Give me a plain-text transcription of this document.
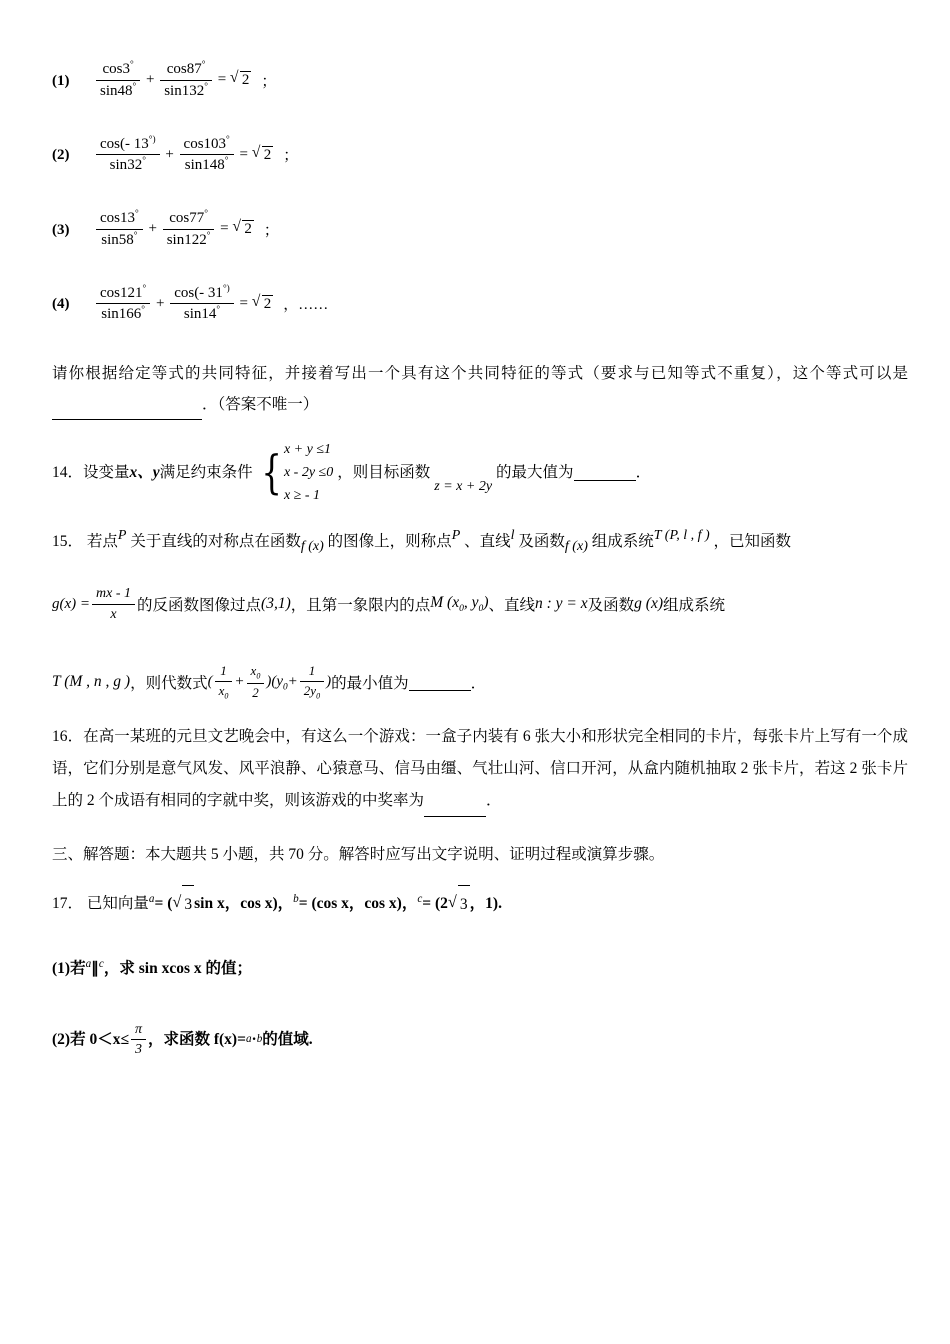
(1)	$\frac{\cos 3^\circ}{\sin 48^\circ} + \frac{\cos 87^\circ}{\sin 132^\circ}$ = √ 2 ；
(2)	$\frac{\cos(- 13^{^\circ)}}{\sin 32^\circ} + \frac{\cos 103^\circ}{\sin 148^\circ}$ = √ 2 ；
(3)	$\frac{\cos 13^\circ}{\sin 58^\circ} + \frac{\cos 77^\circ}{\sin 122^\circ}$ = √ 2 ；
(4)	$\frac{\cos 121^\circ}{\sin 166^\circ} + \frac{\cos(- 31^{^\circ)}}{\sin 14^\circ}$ = √ 2 ，……

请你根据给定等式的共同特征，并接着写出一个具有这个共同特征的等式（要求与已知等式不重复），这个等式可以是．（答案不唯一）

14． 设变量 x、y 满足约束条件 { x + y ≤1
x - 2y ≤0
x ≥ - 1
，则目标函数
z = x + 2y
的最大值为	．
15． 若点P 关于直线的对称点在函数f (x) 的图像上，则称点P 、直线l 及函数f (x) 组成系统T (P, l , f ) ，已知函数
$g(x) = \frac{mx - 1}{x}$ 的反函数图像过点 (3,1) ，且第一象限内的点 M ($x_0$, $y_0$) 、直线 n : y = x 及函数 g (x) 组成系统
T (M , n , g ) ，则代数式 ( $\frac{1}{x_0} + \frac{x_0}{2} )(y_0+ \frac{1}{2y_0}$ ) 的最小值为	．

16．在高一某班的元旦文艺晚会中，有这么一个游戏：一盒子内装有 6 张大小和形状完全相同的卡片，每张卡片上写有一个成语，它们分别是意气风发、风平浪静、心猿意马、信马由缰、气壮山河、信口开河，从盒内随机抽取 2 张卡片，若这 2 张卡片上的 2 个成语有相同的字就中奖，则该游戏的中奖率为	．

三、解答题：本大题共 5 小题，共 70 分。解答时应写出文字说明、证明过程或演算步骤。

17． 已知向量$^a$= ( √ 3 sin x，cos x)，$^b$= (cos x，cos x)，$^c$= (2 √ 3 ，1).
(1)若$^a$∥$^c$，求 sin xcos x 的值；
(2)若 $0<x\le \frac{\pi}{3}$ ，求函数 f(x)= a · b 的值域.
